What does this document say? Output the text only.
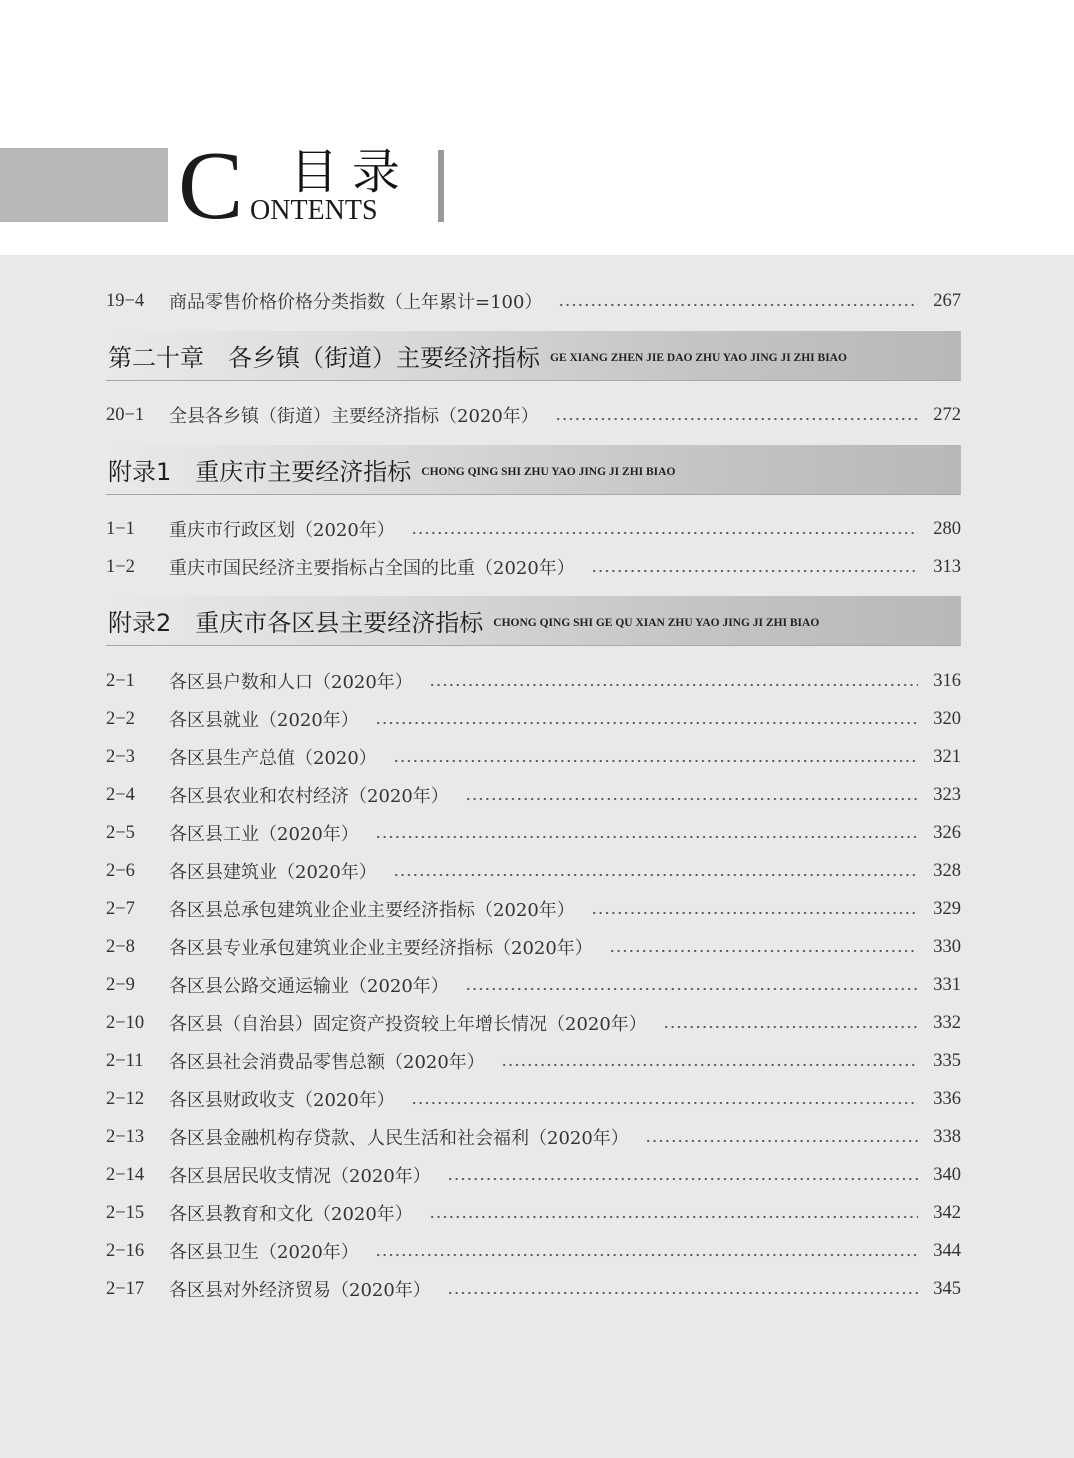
C 目录
ONTENTS
19−4	商品零售价格价格分类指数（上年累计=100）	267
第二十章　各乡镇（街道）主要经济指标 GE XIANG ZHEN JIE DAO ZHU YAO JING JI ZHI BIAO
20−1	全县各乡镇（街道）主要经济指标（2020年）	272
附录1　重庆市主要经济指标 CHONG QING SHI ZHU YAO JING JI ZHI BIAO
1−1	重庆市行政区划（2020年）	280
1−2	重庆市国民经济主要指标占全国的比重（2020年）	313
附录2　重庆市各区县主要经济指标 CHONG QING SHI GE QU XIAN ZHU YAO JING JI ZHI BIAO
2−1	各区县户数和人口（2020年）	316
2−2	各区县就业（2020年）	320
2−3	各区县生产总值（2020）	321
2−4	各区县农业和农村经济（2020年）	323
2−5	各区县工业（2020年）	326
2−6	各区县建筑业（2020年）	328
2−7	各区县总承包建筑业企业主要经济指标（2020年）	329
2−8	各区县专业承包建筑业企业主要经济指标（2020年）	330
2−9	各区县公路交通运输业（2020年）	331
2−10	各区县（自治县）固定资产投资较上年增长情况（2020年）	332
2−11	各区县社会消费品零售总额（2020年）	335
2−12	各区县财政收支（2020年）	336
2−13	各区县金融机构存贷款、人民生活和社会福利（2020年）	338
2−14	各区县居民收支情况（2020年）	340
2−15	各区县教育和文化（2020年）	342
2−16	各区县卫生（2020年）	344
2−17	各区县对外经济贸易（2020年）	345
